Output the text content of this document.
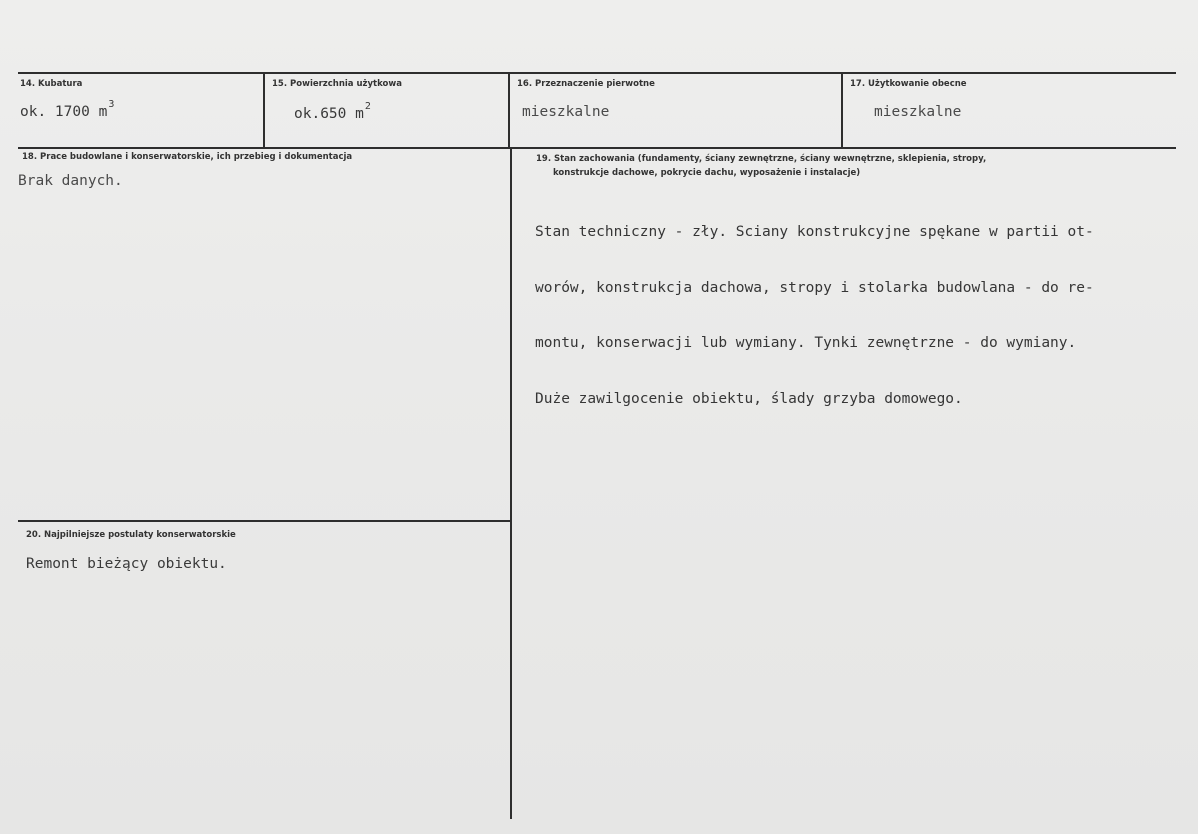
14. Kubatura
ok. 1700 $m^3$
15. Powierzchnia użytkowa
ok.650 $m^2$
16. Przeznaczenie pierwotne
mieszkalne
17. Użytkowanie obecne
mieszkalne
18. Prace budowlane i konserwatorskie, ich przebieg i dokumentacja
Brak danych.
19. Stan zachowania (fundamenty, ściany zewnętrzne, ściany wewnętrzne, sklepienia, stropy,
konstrukcje dachowe, pokrycie dachu, wyposażenie i instalacje)

Stan techniczny - zły. Sciany konstrukcyjne spękane w partii ot-

worów, konstrukcja dachowa, stropy i stolarka budowlana - do re-

montu, konserwacji lub wymiany. Tynki zewnętrzne - do wymiany.

Duże zawilgocenie obiektu, ślady grzyba domowego.

20. Najpilniejsze postulaty konserwatorskie
Remont bieżący obiektu.
